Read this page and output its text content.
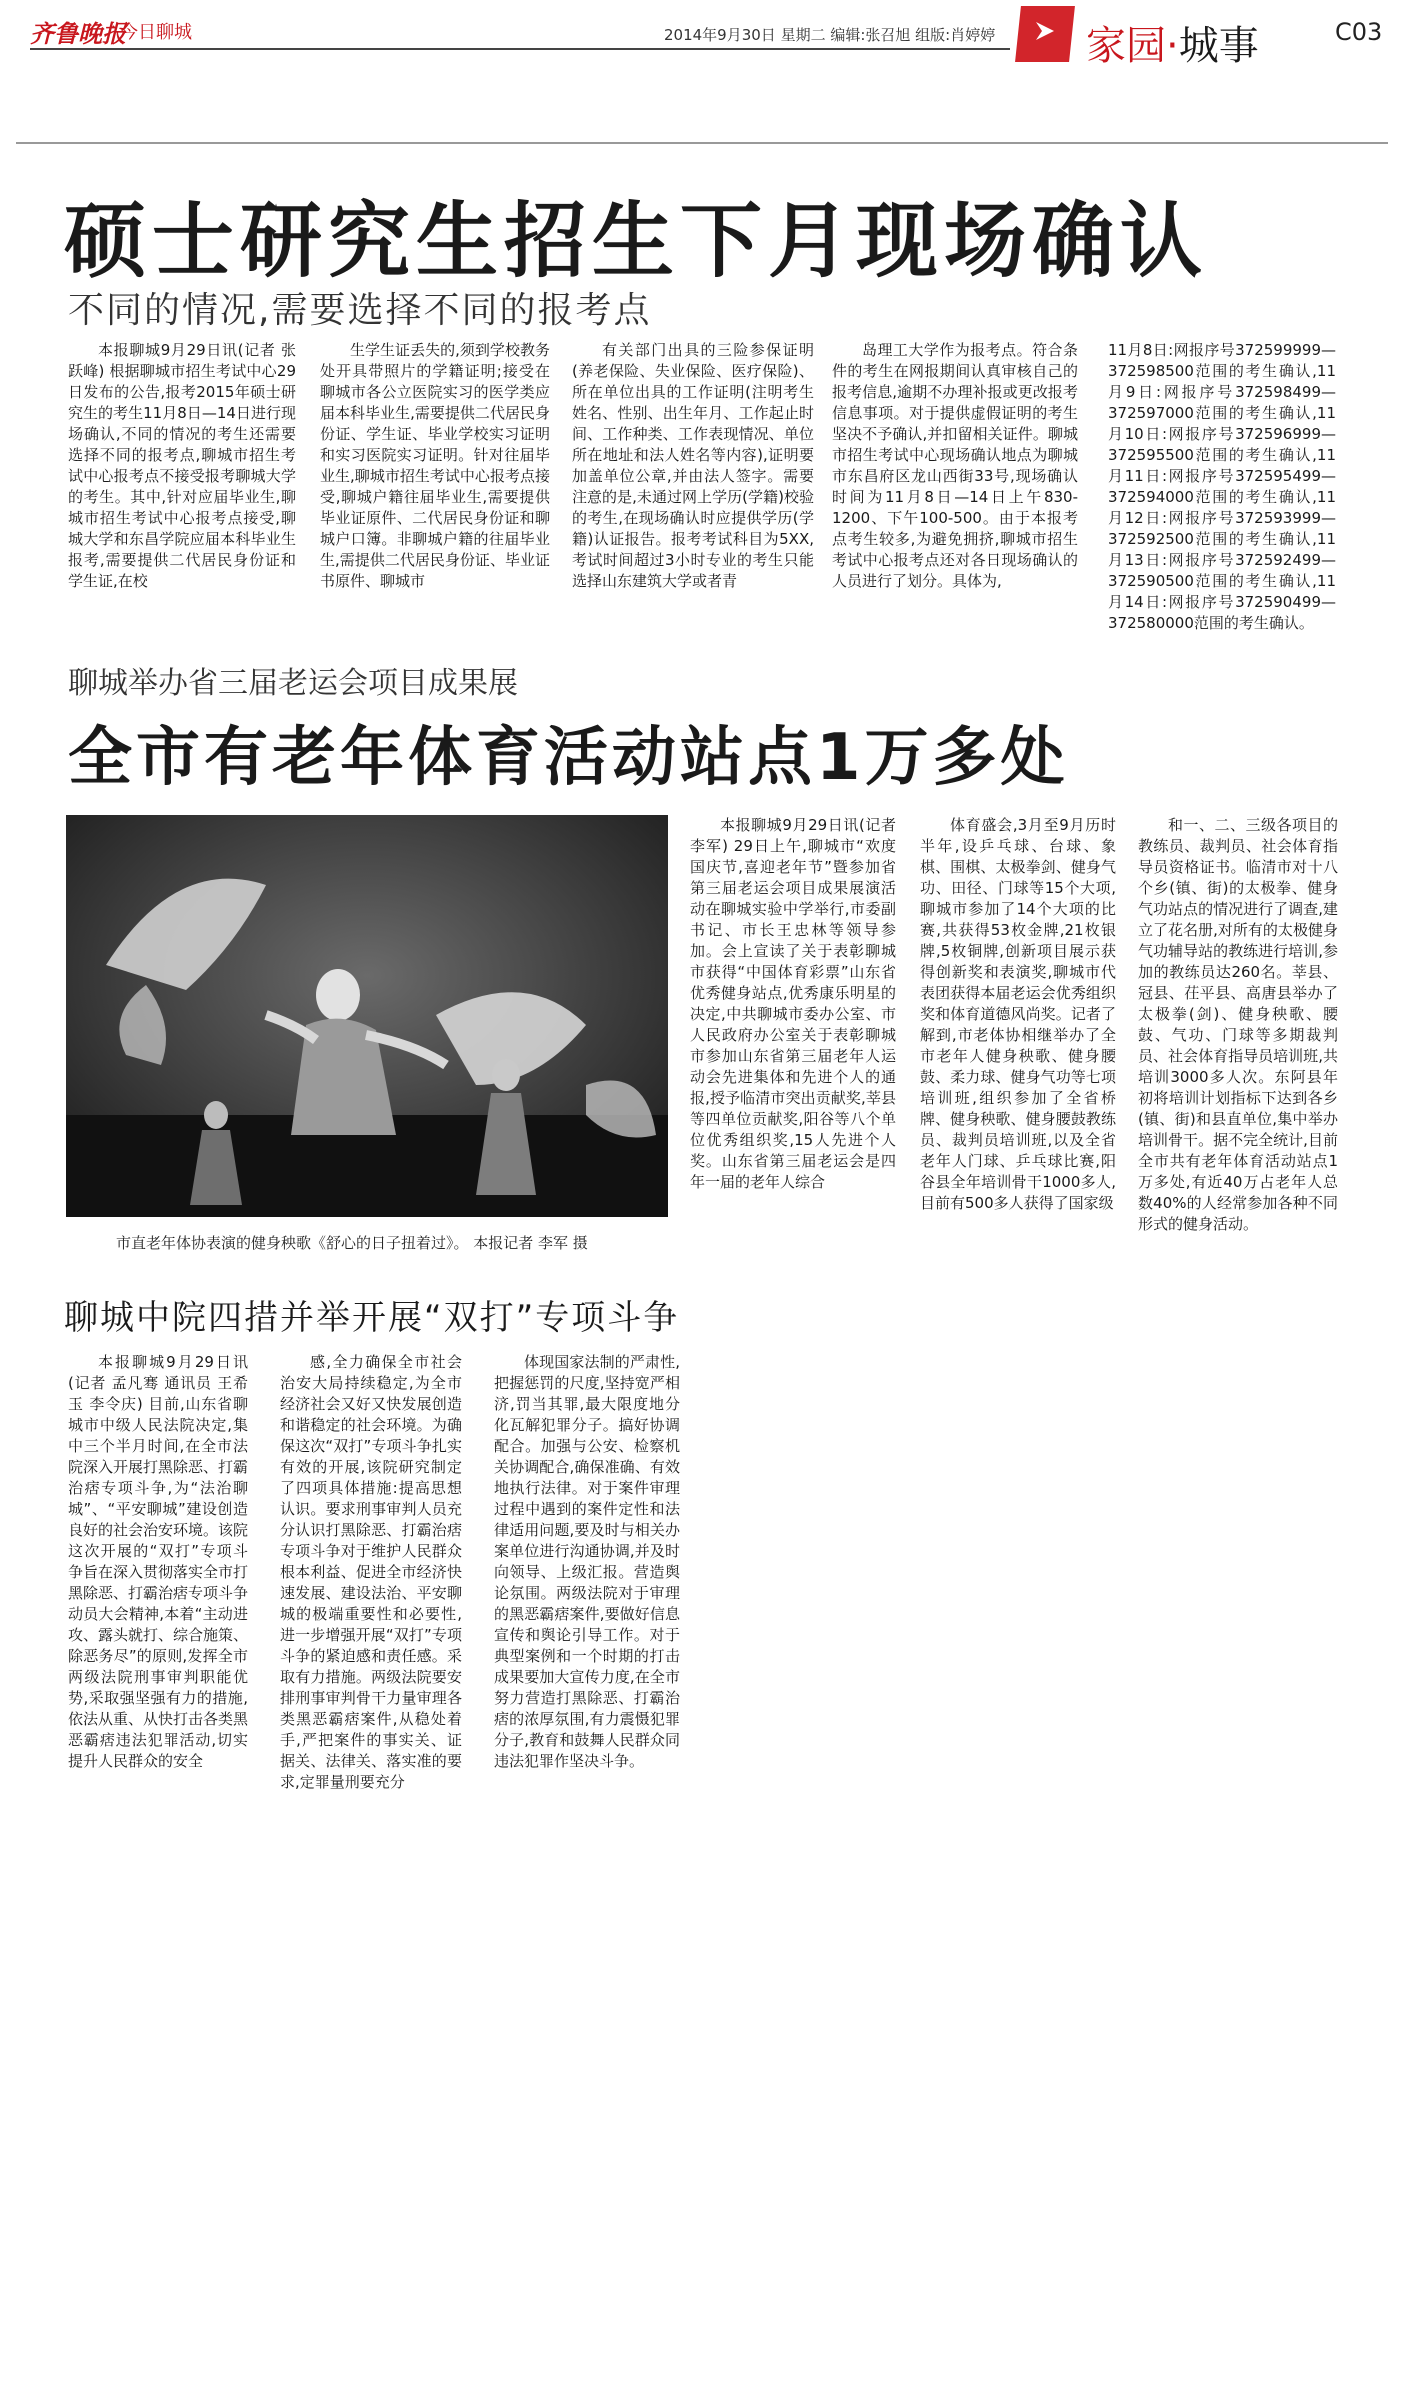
齐鲁晚报
今日聊城	2014年9月30日 星期二 编辑:张召旭 组版:肖婷婷 家园·城事	C03
硕士研究生招生下月现场确认
不同的情况,需要选择不同的报考点

本报聊城9月29日讯(记者 张跃峰) 根据聊城市招生考试中心29日发布的公告,报考2015年硕士研究生的考生11月8日—14日进行现场确认,不同的情况的考生还需要选择不同的报考点,聊城市招生考试中心报考点不接受报考聊城大学的考生。其中,针对应届毕业生,聊城市招生考试中心报考点接受,聊城大学和东昌学院应届本科毕业生报考,需要提供二代居民身份证和学生证,在校

生学生证丢失的,须到学校教务处开具带照片的学籍证明;接受在聊城市各公立医院实习的医学类应届本科毕业生,需要提供二代居民身份证、学生证、毕业学校实习证明和实习医院实习证明。针对往届毕业生,聊城市招生考试中心报考点接受,聊城户籍往届毕业生,需要提供毕业证原件、二代居民身份证和聊城户口簿。非聊城户籍的往届毕业生,需提供二代居民身份证、毕业证书原件、聊城市

有关部门出具的三险参保证明(养老保险、失业保险、医疗保险)、所在单位出具的工作证明(注明考生姓名、性别、出生年月、工作起止时间、工作种类、工作表现情况、单位所在地址和法人姓名等内容),证明要加盖单位公章,并由法人签字。需要注意的是,未通过网上学历(学籍)校验的考生,在现场确认时应提供学历(学籍)认证报告。报考考试科目为5XX,考试时间超过3小时专业的考生只能选择山东建筑大学或者青

岛理工大学作为报考点。符合条件的考生在网报期间认真审核自己的报考信息,逾期不办理补报或更改报考信息事项。对于提供虚假证明的考生坚决不予确认,并扣留相关证件。聊城市招生考试中心现场确认地点为聊城市东昌府区龙山西街33号,现场确认时间为11月8日—14日上午830-1200、下午100-500。由于本报考点考生较多,为避免拥挤,聊城市招生考试中心报考点还对各日现场确认的人员进行了划分。具体为,

11月8日:网报序号372599999—372598500范围的考生确认,11月9日:网报序号372598499—372597000范围的考生确认,11月10日:网报序号372596999—372595500范围的考生确认,11月11日:网报序号372595499—372594000范围的考生确认,11月12日:网报序号372593999—372592500范围的考生确认,11月13日:网报序号372592499—372590500范围的考生确认,11月14日:网报序号372590499—372580000范围的考生确认。

聊城举办省三届老运会项目成果展
全市有老年体育活动站点1万多处
市直老年体协表演的健身秧歌《舒心的日子扭着过》。 本报记者 李军 摄

本报聊城9月29日讯(记者 李军) 29日上午,聊城市“欢度国庆节,喜迎老年节”暨参加省第三届老运会项目成果展演活动在聊城实验中学举行,市委副书记、市长王忠林等领导参加。会上宣读了关于表彰聊城市获得“中国体育彩票”山东省优秀健身站点,优秀康乐明星的决定,中共聊城市委办公室、市人民政府办公室关于表彰聊城市参加山东省第三届老年人运动会先进集体和先进个人的通报,授予临清市突出贡献奖,莘县等四单位贡献奖,阳谷等八个单位优秀组织奖,15人先进个人奖。山东省第三届老运会是四年一届的老年人综合

体育盛会,3月至9月历时半年,设乒乓球、台球、象棋、围棋、太极拳剑、健身气功、田径、门球等15个大项,聊城市参加了14个大项的比赛,共获得53枚金牌,21枚银牌,5枚铜牌,创新项目展示获得创新奖和表演奖,聊城市代表团获得本届老运会优秀组织奖和体育道德风尚奖。记者了解到,市老体协相继举办了全市老年人健身秧歌、健身腰鼓、柔力球、健身气功等七项培训班,组织参加了全省桥牌、健身秧歌、健身腰鼓教练员、裁判员培训班,以及全省老年人门球、乒乓球比赛,阳谷县全年培训骨干1000多人,目前有500多人获得了国家级

和一、二、三级各项目的教练员、裁判员、社会体育指导员资格证书。临清市对十八个乡(镇、街)的太极拳、健身气功站点的情况进行了调查,建立了花名册,对所有的太极健身气功辅导站的教练进行培训,参加的教练员达260名。莘县、冠县、茌平县、高唐县举办了太极拳(剑)、健身秧歌、腰鼓、气功、门球等多期裁判员、社会体育指导员培训班,共培训3000多人次。东阿县年初将培训计划指标下达到各乡(镇、街)和县直单位,集中举办培训骨干。据不完全统计,目前全市共有老年体育活动站点1万多处,有近40万占老年人总数40%的人经常参加各种不同形式的健身活动。

聊城中院四措并举开展“双打”专项斗争

本报聊城9月29日讯(记者 孟凡骞 通讯员 王希玉 李令庆) 目前,山东省聊城市中级人民法院决定,集中三个半月时间,在全市法院深入开展打黑除恶、打霸治痞专项斗争,为“法治聊城”、“平安聊城”建设创造良好的社会治安环境。该院这次开展的“双打”专项斗争旨在深入贯彻落实全市打黑除恶、打霸治痞专项斗争动员大会精神,本着“主动进攻、露头就打、综合施策、除恶务尽”的原则,发挥全市两级法院刑事审判职能优势,采取强坚强有力的措施,依法从重、从快打击各类黑恶霸痞违法犯罪活动,切实提升人民群众的安全

感,全力确保全市社会治安大局持续稳定,为全市经济社会又好又快发展创造和谐稳定的社会环境。为确保这次“双打”专项斗争扎实有效的开展,该院研究制定了四项具体措施:提高思想认识。要求刑事审判人员充分认识打黑除恶、打霸治痞专项斗争对于维护人民群众根本利益、促进全市经济快速发展、建设法治、平安聊城的极端重要性和必要性,进一步增强开展“双打”专项斗争的紧迫感和责任感。采取有力措施。两级法院要安排刑事审判骨干力量审理各类黑恶霸痞案件,从稳处着手,严把案件的事实关、证据关、法律关、落实准的要求,定罪量刑要充分

体现国家法制的严肃性,把握惩罚的尺度,坚持宽严相济,罚当其罪,最大限度地分化瓦解犯罪分子。搞好协调配合。加强与公安、检察机关协调配合,确保准确、有效地执行法律。对于案件审理过程中遇到的案件定性和法律适用问题,要及时与相关办案单位进行沟通协调,并及时向领导、上级汇报。营造舆论氛围。两级法院对于审理的黑恶霸痞案件,要做好信息宣传和舆论引导工作。对于典型案例和一个时期的打击成果要加大宣传力度,在全市努力营造打黑除恶、打霸治痞的浓厚氛围,有力震慑犯罪分子,教育和鼓舞人民群众同违法犯罪作坚决斗争。
